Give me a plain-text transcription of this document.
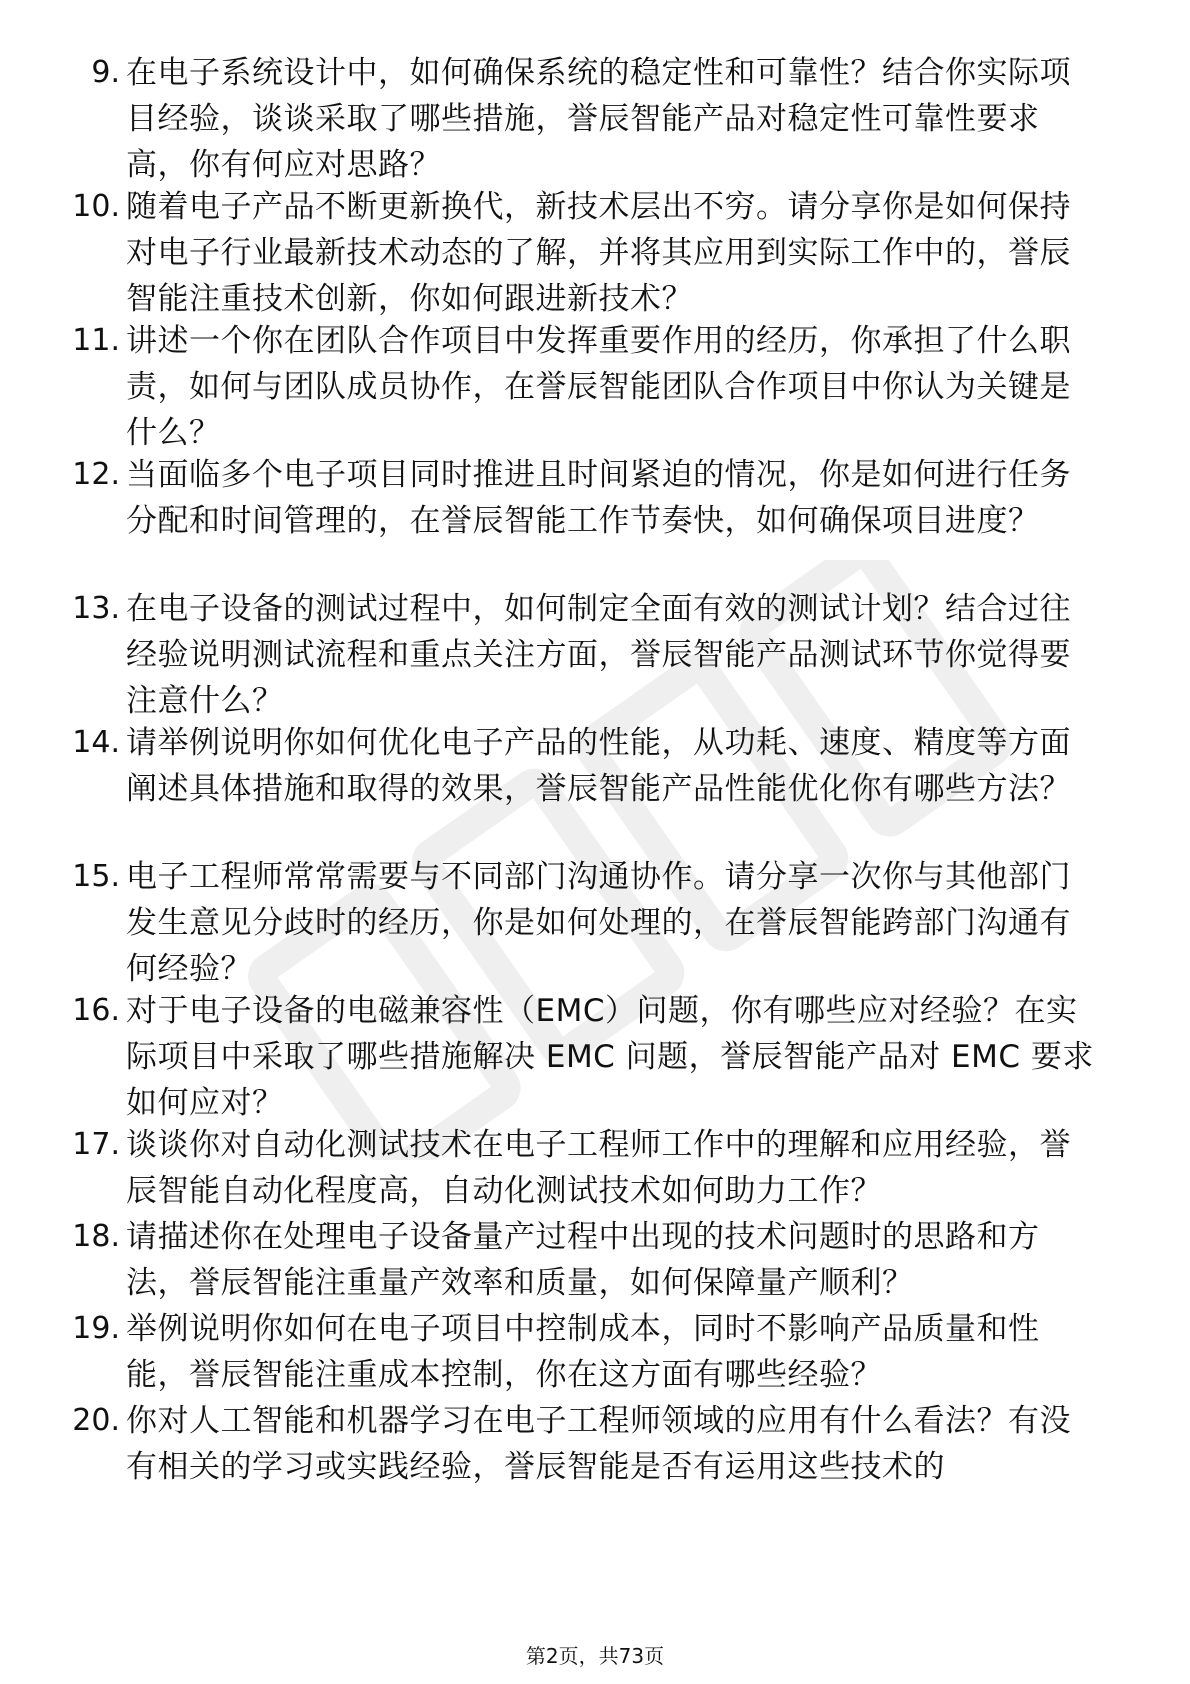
9. 在电子系统设计中，如何确保系统的稳定性和可靠性？结合你实际项目经验，谈谈采取了哪些措施，誉辰智能产品对稳定性可靠性要求高，你有何应对思路？
10. 随着电子产品不断更新换代，新技术层出不穷。请分享你是如何保持对电子行业最新技术动态的了解，并将其应用到实际工作中的，誉辰智能注重技术创新，你如何跟进新技术？
11. 讲述一个你在团队合作项目中发挥重要作用的经历，你承担了什么职责，如何与团队成员协作，在誉辰智能团队合作项目中你认为关键是什么？
12. 当面临多个电子项目同时推进且时间紧迫的情况，你是如何进行任务分配和时间管理的，在誉辰智能工作节奏快，如何确保项目进度？
13. 在电子设备的测试过程中，如何制定全面有效的测试计划？结合过往经验说明测试流程和重点关注方面，誉辰智能产品测试环节你觉得要注意什么？
14. 请举例说明你如何优化电子产品的性能，从功耗、速度、精度等方面阐述具体措施和取得的效果，誉辰智能产品性能优化你有哪些方法？
15. 电子工程师常常需要与不同部门沟通协作。请分享一次你与其他部门发生意见分歧时的经历，你是如何处理的，在誉辰智能跨部门沟通有何经验？
16. 对于电子设备的电磁兼容性（EMC）问题，你有哪些应对经验？在实际项目中采取了哪些措施解决 EMC 问题，誉辰智能产品对 EMC 要求如何应对？
17. 谈谈你对自动化测试技术在电子工程师工作中的理解和应用经验，誉辰智能自动化程度高，自动化测试技术如何助力工作？
18. 请描述你在处理电子设备量产过程中出现的技术问题时的思路和方法，誉辰智能注重量产效率和质量，如何保障量产顺利？
19. 举例说明你如何在电子项目中控制成本，同时不影响产品质量和性能，誉辰智能注重成本控制，你在这方面有哪些经验？
20. 你对人工智能和机器学习在电子工程师领域的应用有什么看法？有没有相关的学习或实践经验，誉辰智能是否有运用这些技术的
第2页，共73页
